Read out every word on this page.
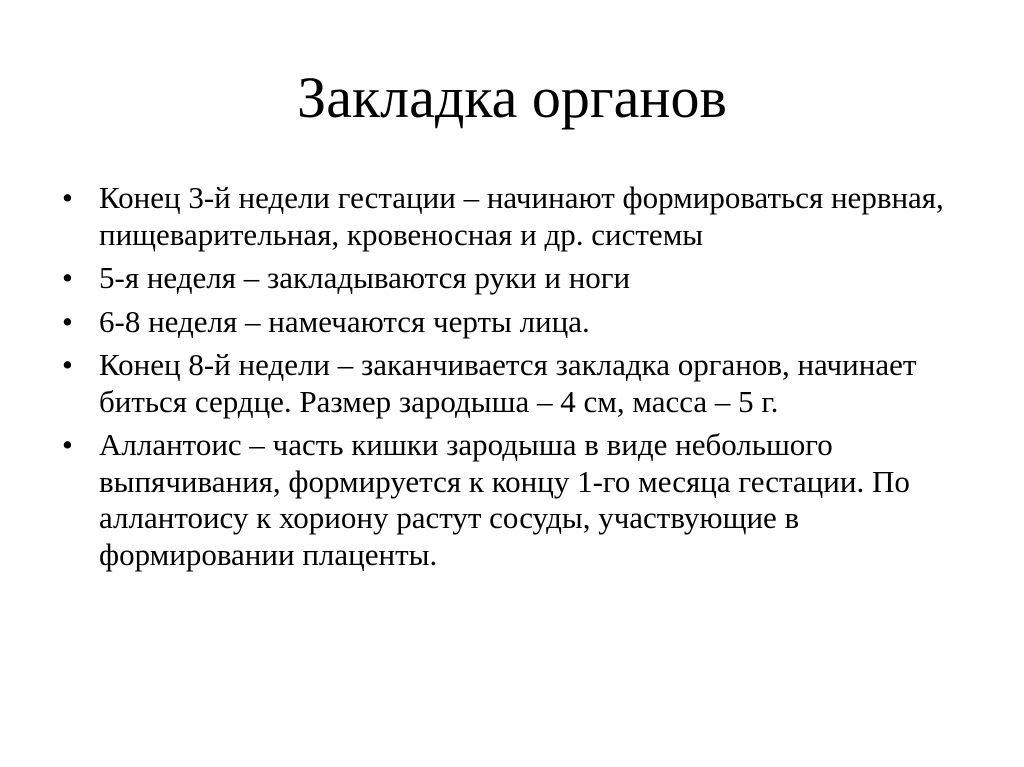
Закладка органов
• Конец 3-й недели гестации – начинают формироваться нервная, пищеварительная, кровеносная и др. системы
• 5-я неделя – закладываются руки и ноги
• 6-8 неделя – намечаются черты лица.
• Конец 8-й недели – заканчивается закладка органов, начинает биться сердце. Размер зародыша – 4 см, масса – 5 г.
• Аллантоис – часть кишки зародыша в виде небольшого выпячивания, формируется к концу 1-го месяца гестации. По аллантоису к хориону растут сосуды, участвующие в формировании плаценты.
